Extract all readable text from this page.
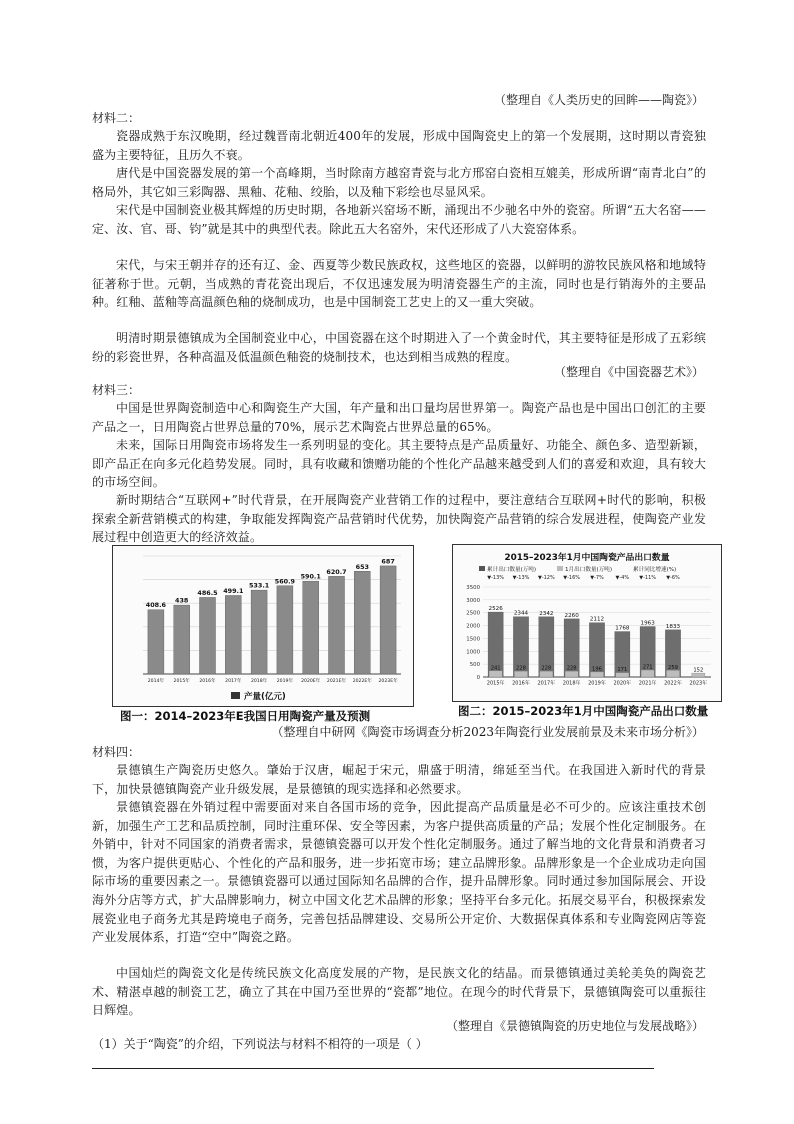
（整理自《人类历史的回眸——陶瓷》）
材料二：
瓷器成熟于东汉晚期，经过魏晋南北朝近400年的发展，形成中国陶瓷史上的第一个发展期，这时期以青瓷独盛为主要特征，且历久不衰。
唐代是中国瓷器发展的第一个高峰期，当时除南方越窑青瓷与北方邢窑白瓷相互媲美，形成所谓“南青北白”的格局外，其它如三彩陶器、黑釉、花釉、绞胎，以及釉下彩绘也尽显风采。
宋代是中国制瓷业极其辉煌的历史时期，各地新兴窑场不断，涌现出不少驰名中外的瓷窑。所谓“五大名窑——定、汝、官、哥、钧”就是其中的典型代表。除此五大名窑外，宋代还形成了八大瓷窑体系。
宋代，与宋王朝并存的还有辽、金、西夏等少数民族政权，这些地区的瓷器，以鲜明的游牧民族风格和地域特征著称于世。元朝，当成熟的青花瓷出现后，不仅迅速发展为明清瓷器生产的主流，同时也是行销海外的主要品种。红釉、蓝釉等高温颜色釉的烧制成功，也是中国制瓷工艺史上的又一重大突破。
明清时期景德镇成为全国制瓷业中心，中国瓷器在这个时期进入了一个黄金时代，其主要特征是形成了五彩缤纷的彩瓷世界，各种高温及低温颜色釉瓷的烧制技术，也达到相当成熟的程度。
（整理自《中国瓷器艺术》）
材料三：
中国是世界陶瓷制造中心和陶瓷生产大国，年产量和出口量均居世界第一。陶瓷产品也是中国出口创汇的主要产品之一，日用陶瓷占世界总量的70%，展示艺术陶瓷占世界总量的65%。
未来，国际日用陶瓷市场将发生一系列明显的变化。其主要特点是产品质量好、功能全、颜色多、造型新颖，即产品正在向多元化趋势发展。同时，具有收藏和馈赠功能的个性化产品越来越受到人们的喜爱和欢迎，具有较大的市场空间。
新时期结合“互联网+”时代背景，在开展陶瓷产业营销工作的过程中，要注意结合互联网+时代的影响，积极探索全新营销模式的构建，争取能发挥陶瓷产品营销时代优势，加快陶瓷产品营销的综合发展进程，使陶瓷产业发展过程中创造更大的经济效益。
408.6
438
486.5 499.1
533.1
560.9
590.1
620.7
653
687
2014年 2015年 2016年 2017年 2018年 2019年 2020E年 2021E年 2022E年 2023E年
产量(亿元)
图一：2014–2023年E我国日用陶瓷产量及预测
2015–2023年1月中国陶瓷产品出口数量
累计出口数量(万吨)	1月出口数量(万吨)	累计同比增速(%)
▼-13% ▼-13% ▼-12% ▼-16% ▼-7% ▼-4% ▼-11% ▼-6%
0
500
1000
1500
2000
2500
3000
3500
2526
241
2344
228
2342
228
2260
228
2112
196
1768
171
1963
271
1833
259	152
2015年 2016年 2017年 2018年 2019年 2020年 2021年 2022年 2023年
图二：2015–2023年1月中国陶瓷产品出口数量
（整理自中研网《陶瓷市场调查分析2023年陶瓷行业发展前景及未来市场分析》）
材料四：
景德镇生产陶瓷历史悠久。肇始于汉唐，崛起于宋元，鼎盛于明清，绵延至当代。在我国进入新时代的背景下，加快景德镇陶瓷产业升级发展，是景德镇的现实选择和必然要求。
景德镇瓷器在外销过程中需要面对来自各国市场的竞争，因此提高产品质量是必不可少的。应该注重技术创新，加强生产工艺和品质控制，同时注重环保、安全等因素，为客户提供高质量的产品；发展个性化定制服务。在外销中，针对不同国家的消费者需求，景德镇瓷器可以开发个性化定制服务。通过了解当地的文化背景和消费者习惯，为客户提供更贴心、个性化的产品和服务，进一步拓宽市场；建立品牌形象。品牌形象是一个企业成功走向国际市场的重要因素之一。景德镇瓷器可以通过国际知名品牌的合作，提升品牌形象。同时通过参加国际展会、开设海外分店等方式，扩大品牌影响力，树立中国文化艺术品牌的形象；坚持平台多元化。拓展交易平台，积极探索发展瓷业电子商务尤其是跨境电子商务，完善包括品牌建设、交易所公开定价、大数据保真体系和专业陶瓷网店等瓷产业发展体系，打造“空中”陶瓷之路。
中国灿烂的陶瓷文化是传统民族文化高度发展的产物，是民族文化的结晶。而景德镇通过美轮美奂的陶瓷艺术、精湛卓越的制瓷工艺，确立了其在中国乃至世界的“瓷都”地位。在现今的时代背景下，景德镇陶瓷可以重振往日辉煌。
（整理自《景德镇陶瓷的历史地位与发展战略》）
（1）关于“陶瓷”的介绍，下列说法与材料不相符的一项是（ ）
